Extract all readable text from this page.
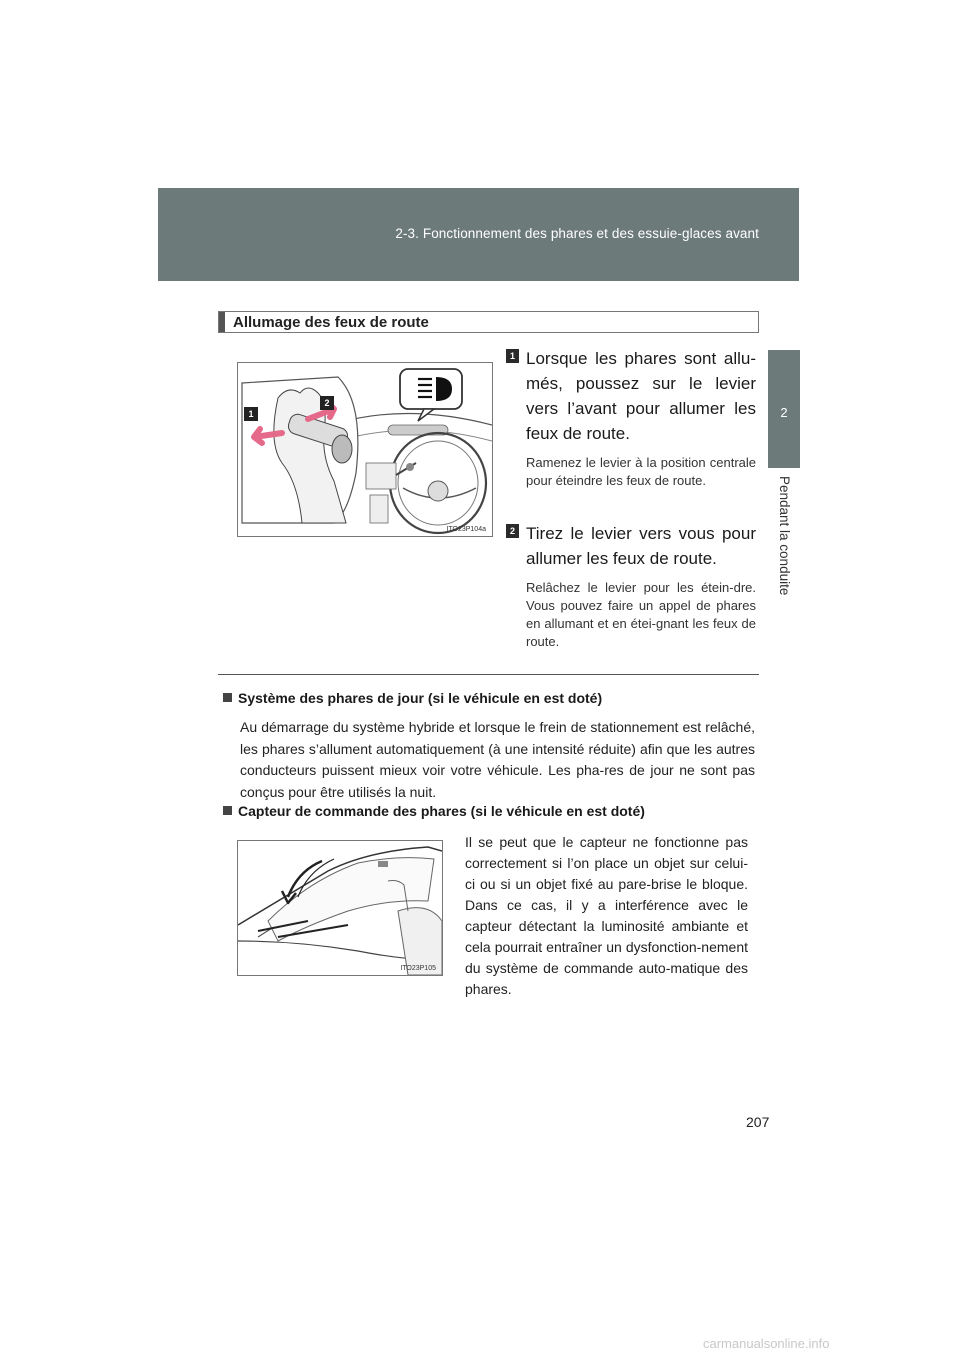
2-3. Fonctionnement des phares et des essuie-glaces avant
2
Pendant la conduite
Allumage des feux de route
1
2
ITO23P104a
1 Lorsque les phares sont allu-més, poussez sur le levier vers l’avant pour allumer les feux de route.
Ramenez le levier à la position centrale pour éteindre les feux de route.
2 Tirez le levier vers vous pour allumer les feux de route.
Relâchez le levier pour les étein-dre. Vous pouvez faire un appel de phares en allumant et en étei-gnant les feux de route.
Système des phares de jour (si le véhicule en est doté)
Au démarrage du système hybride et lorsque le frein de stationnement est relâché, les phares s’allument automatiquement (à une intensité réduite) afin que les autres conducteurs puissent mieux voir votre véhicule. Les pha-res de jour ne sont pas conçus pour être utilisés la nuit.
Capteur de commande des phares (si le véhicule en est doté)
ITO23P105
Il se peut que le capteur ne fonctionne pas correctement si l’on place un objet sur celui-ci ou si un objet fixé au pare-brise le bloque. Dans ce cas, il y a interférence avec le capteur détectant la luminosité ambiante et cela pourrait entraîner un dysfonction-nement du système de commande auto-matique des phares.
207
carmanualsonline.info
